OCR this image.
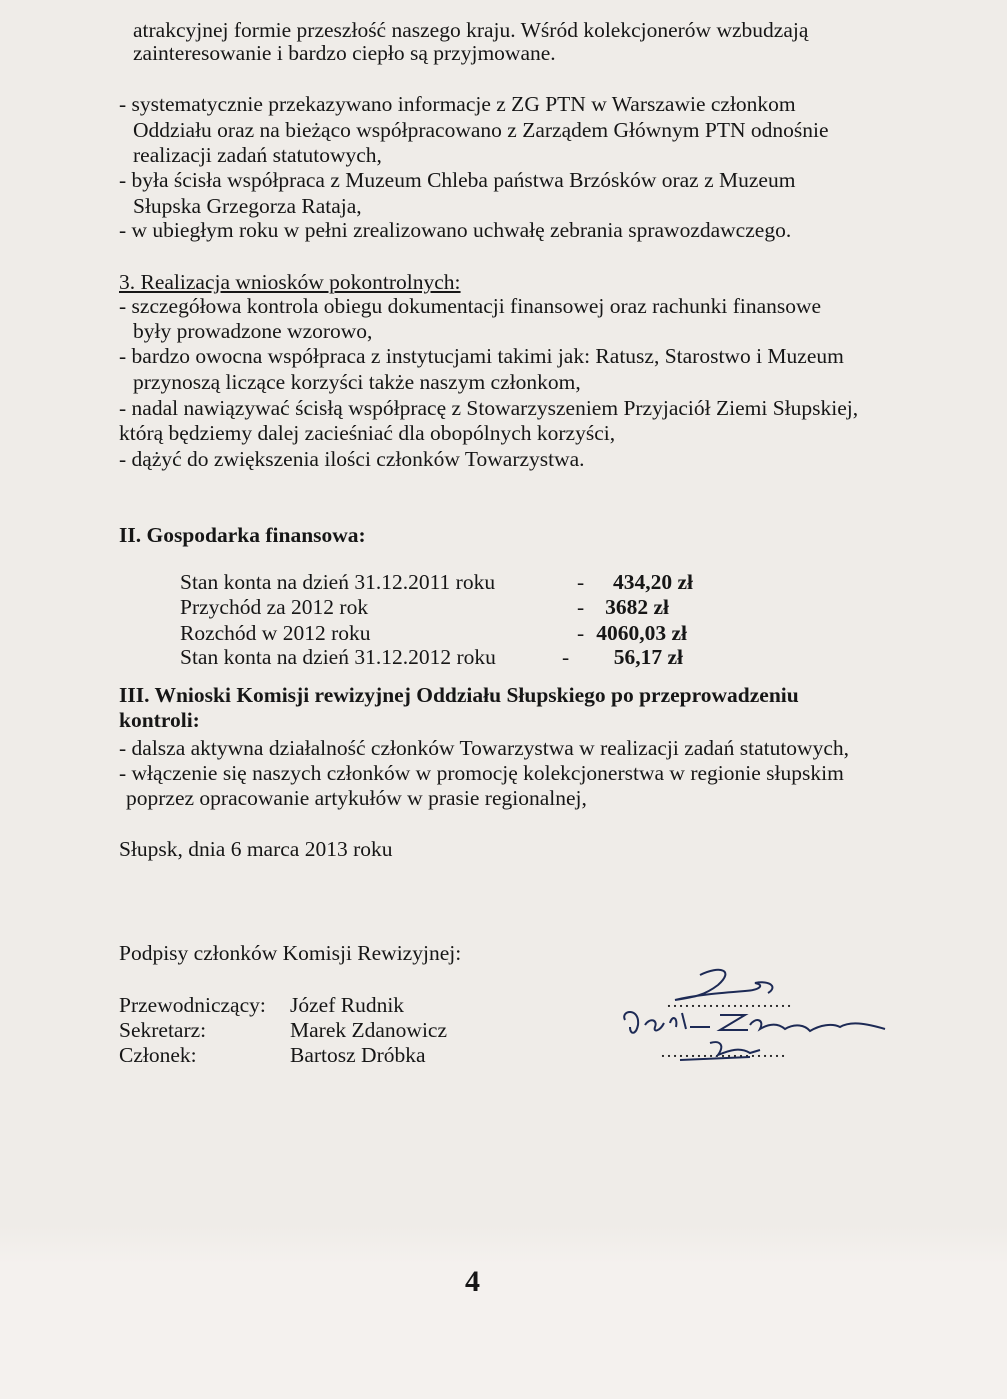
atrakcyjnej formie przeszłość naszego kraju. Wśród kolekcjonerów wzbudzają
zainteresowanie i bardzo ciepło są przyjmowane.
- systematycznie przekazywano informacje z ZG PTN w Warszawie członkom
Oddziału oraz na bieżąco współpracowano z Zarządem Głównym PTN odnośnie
realizacji zadań statutowych,
- była ścisła współpraca z Muzeum Chleba państwa Brzósków oraz z Muzeum
Słupska Grzegorza Rataja,
- w ubiegłym roku w pełni zrealizowano uchwałę zebrania sprawozdawczego.
3. Realizacja wniosków pokontrolnych:
- szczegółowa kontrola obiegu dokumentacji finansowej oraz rachunki finansowe
były prowadzone wzorowo,
- bardzo owocna współpraca z instytucjami takimi jak: Ratusz, Starostwo i Muzeum
przynoszą liczące korzyści także naszym członkom,
- nadal nawiązywać ścisłą współpracę z Stowarzyszeniem Przyjaciół Ziemi Słupskiej,
którą będziemy dalej zacieśniać dla obopólnych korzyści,
- dążyć do zwiększenia ilości członków Towarzystwa.
II. Gospodarka finansowa:
Stan konta na dzień 31.12.2011 roku	-	434,20 zł
Przychód za 2012 rok	- 3682 zł
Rozchód w 2012 roku	- 4060,03 zł
Stan konta na dzień 31.12.2012 roku	-	56,17 zł
III. Wnioski Komisji rewizyjnej Oddziału Słupskiego po przeprowadzeniu
kontroli:
- dalsza aktywna działalność członków Towarzystwa w realizacji zadań statutowych,
- włączenie się naszych członków w promocję kolekcjonerstwa w regionie słupskim
poprzez opracowanie artykułów w prasie regionalnej,
Słupsk, dnia 6 marca 2013 roku
Podpisy członków Komisji Rewizyjnej:
Przewodniczący: Józef Rudnik	…………………
Sekretarz:	Marek Zdanowicz
Członek:	Bartosz Dróbka	…………………
4
